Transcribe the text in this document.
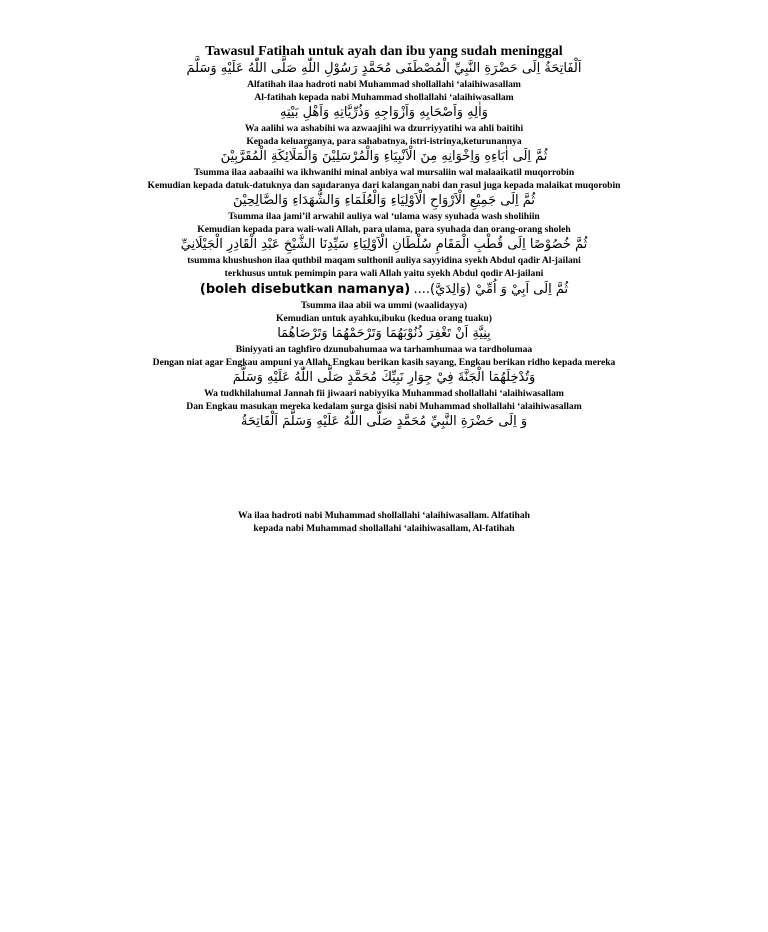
Tawasul Fatihah untuk ayah dan ibu yang sudah meninggal
اَلْفَاتِحَةُ اِلَى حَضْرَةِ النَّبِيِّ الْمُصْطَفَى مُحَمَّدٍ رَسُوْلِ اللّٰهِ صَلَّى اللّٰهُ عَلَيْهِ وَسَلَّمَ
Alfatihah ilaa hadroti nabi Muhammad shollallahi ‘alaihiwasallam
Al-fatihah kepada nabi Muhammad shollallahi ‘alaihiwasallam
وَاٰلِهِ وَاَصْحَابِهِ وَاَزْوَاجِهِ وَذُرِّيَّاتِهِ وَاَهْلِ بَيْتِهِ
Wa aalihi wa ashabihi wa azwaajihi wa dzurriyyatihi wa ahli baitihi
Kepada keluarganya, para sahabatnya, istri-istrinya,keturunannya
ثُمَّ اِلَى اٰبَاءِهِ وَاِخْوَانِهِ مِنَ الْاَنْبِيَاءِ وَالْمُرْسَلِيْنَ وَالْمَلَائِكَةِ الْمُقَرَّبِيْنَ
Tsumma ilaa aabaaihi wa ikhwanihi minal anbiya wal mursaliin wal malaaikatil muqorrobin
Kemudian kepada datuk-datuknya dan saudaranya dari kalangan nabi dan rasul juga kepada malaikat muqorobin
ثُمَّ اِلَى جَمِيْعِ الْاَرْوَاحِ الْاَوْلِيَاءِ وَالْعُلَمَاءِ وَالشُّهَدَاءِ وَالصَّالِحِيْنَ
Tsumma ilaa jami’il arwahil auliya wal ‘ulama wasy syuhada wash sholihiin
Kemudian kepada para wali-wali Allah, para ulama, para syuhada dan orang-orang sholeh
ثُمَّ خُصُوْصًا اِلَى قُطْبِ الْمَقَامِ سُلْطَانِ الْاَوْلِيَاءِ سَيِّدِنَا الشَّيْخِ عَبْدِ الْقَادِرِ الْجَيْلَانِيِّ
tsumma khushushon ilaa quthbil maqam sulthonil auliya sayyidina syekh Abdul qadir Al-jailani
terkhusus untuk pemimpin para wali Allah yaitu syekh Abdul qodir Al-jailani
(boleh disebutkan namanya) ثُمَّ اِلَى اَبِيْ وَ اُمِّيْ (وَالِدَيَّ)....
Tsumma ilaa abii wa ummi (waalidayya)
Kemudian untuk ayahku,ibuku (kedua orang tuaku)
بِنِيَّةِ اَنْ تَغْفِرَ ذُنُوْبَهُمَا وَتَرْحَمْهُمَا وَتَرْضَاهُمَا
Biniyyati an taghfiro dzunubahumaa wa tarhamhumaa wa tardholumaa
Dengan niat agar Engkau ampuni ya Allah, Engkau berikan kasih sayang, Engkau berikan ridho kepada mereka
وَتُدْخِلَهُمَا الْجَنَّةَ فِيْ جِوَارِ نَبِيِّكَ مُحَمَّدٍ صَلَّى اللّٰهُ عَلَيْهِ وَسَلَّمَ
Wa tudkhilahumal Jannah fii jiwaari nabiyyika Muhammad shollallahi ‘alaihiwasallam
Dan Engkau masukan mereka kedalam surga disisi nabi Muhammad shollallahi ‘alaihiwasallam
وَ اِلَى حَضْرَةِ النَّبِيِّ مُحَمَّدٍ صَلَّى اللّٰهُ عَلَيْهِ وَسَلَّمَ اَلْفَاتِحَةُ
Wa ilaa hadroti nabi Muhammad shollallahi ‘alaihiwasallam. Alfatihah
kepada nabi Muhammad shollallahi ‘alaihiwasallam, Al-fatihah
